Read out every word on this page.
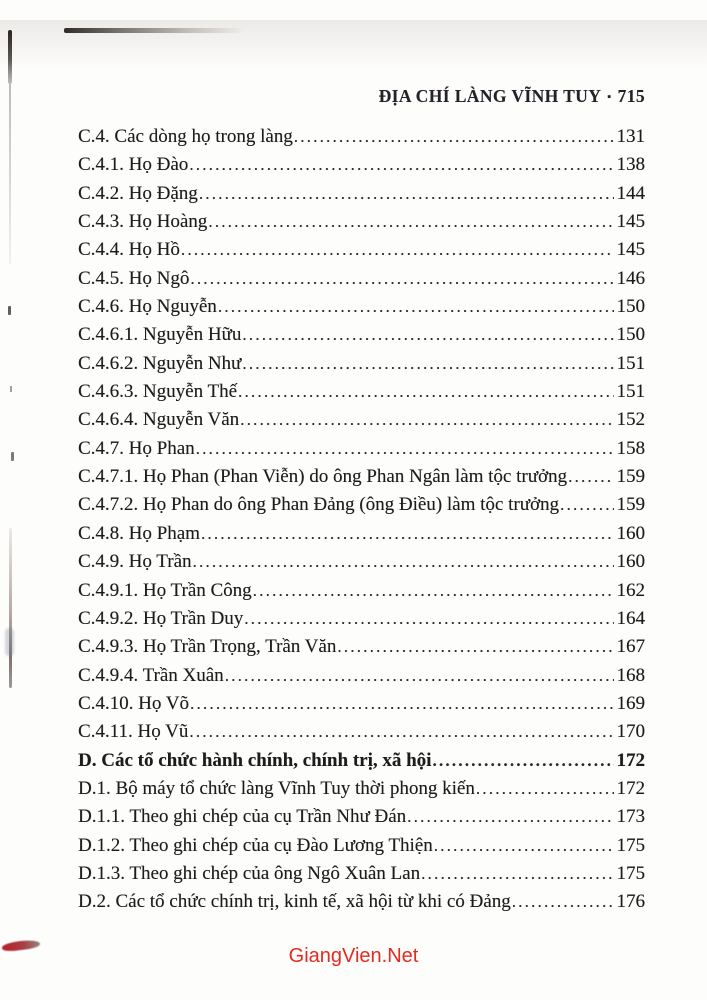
ĐỊA CHÍ LÀNG VĨNH TUY ▪ 715
C.4. Các dòng họ trong làng .....	131
C.4.1. Họ Đào .....	138
C.4.2. Họ Đặng .....	144
C.4.3. Họ Hoàng .....	145
C.4.4. Họ Hồ .....	145
C.4.5. Họ Ngô .....	146
C.4.6. Họ Nguyễn .....	150
C.4.6.1. Nguyễn Hữu .....	150
C.4.6.2. Nguyễn Như .....	151
C.4.6.3. Nguyễn Thế .....	151
C.4.6.4. Nguyễn Văn .....	152
C.4.7. Họ Phan .....	158
C.4.7.1. Họ Phan (Phan Viễn) do ông Phan Ngân làm tộc trưởng .....	159
C.4.7.2. Họ Phan do ông Phan Đảng (ông Điều) làm tộc trưởng .....	159
C.4.8. Họ Phạm .....	160
C.4.9. Họ Trần .....	160
C.4.9.1. Họ Trần Công .....	162
C.4.9.2. Họ Trần Duy .....	164
C.4.9.3. Họ Trần Trọng, Trần Văn .....	167
C.4.9.4. Trần Xuân .....	168
C.4.10. Họ Võ .....	169
C.4.11. Họ Vũ .....	170
D. Các tổ chức hành chính, chính trị, xã hội .....	172
D.1. Bộ máy tổ chức làng Vĩnh Tuy thời phong kiến .....	172
D.1.1. Theo ghi chép của cụ Trần Như Đán .....	173
D.1.2. Theo ghi chép của cụ Đào Lương Thiện .....	175
D.1.3. Theo ghi chép của ông Ngô Xuân Lan .....	175
D.2. Các tổ chức chính trị, kinh tế, xã hội từ khi có Đảng .....	176
GiangVien.Net
